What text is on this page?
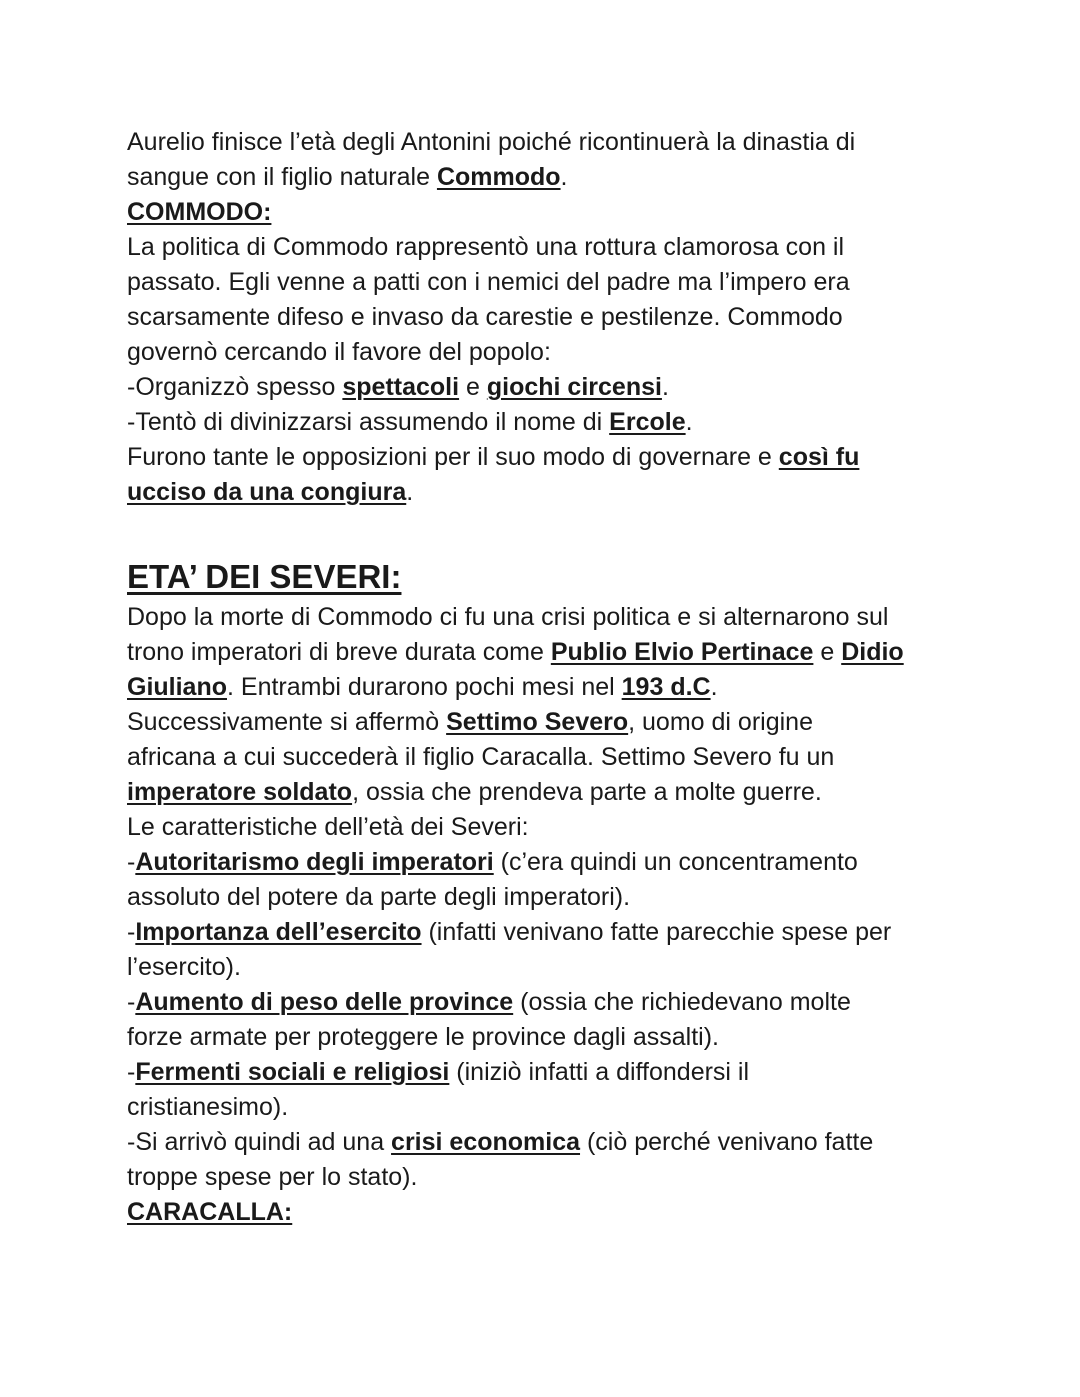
Aurelio finisce l’età degli Antonini poiché ricontinuerà la dinastia di
sangue con il figlio naturale Commodo.
COMMODO:
La politica di Commodo rappresentò una rottura clamorosa con il
passato. Egli venne a patti con i nemici del padre ma l’impero era
scarsamente difeso e invaso da carestie e pestilenze. Commodo
governò cercando il favore del popolo:
-Organizzò spesso spettacoli e giochi circensi.
-Tentò di divinizzarsi assumendo il nome di Ercole.
Furono tante le opposizioni per il suo modo di governare e così fu
ucciso da una congiura.
ETA’ DEI SEVERI:
Dopo la morte di Commodo ci fu una crisi politica e si alternarono sul
trono imperatori di breve durata come Publio Elvio Pertinace e Didio
Giuliano. Entrambi durarono pochi mesi nel 193 d.C.
Successivamente si affermò Settimo Severo, uomo di origine
africana a cui succederà il figlio Caracalla. Settimo Severo fu un
imperatore soldato, ossia che prendeva parte a molte guerre.
Le caratteristiche dell’età dei Severi:
-Autoritarismo degli imperatori (c’era quindi un concentramento
assoluto del potere da parte degli imperatori).
-Importanza dell’esercito (infatti venivano fatte parecchie spese per
l’esercito).
-Aumento di peso delle province (ossia che richiedevano molte
forze armate per proteggere le province dagli assalti).
-Fermenti sociali e religiosi (iniziò infatti a diffondersi il
cristianesimo).
-Si arrivò quindi ad una crisi economica (ciò perché venivano fatte
troppe spese per lo stato).
CARACALLA:
